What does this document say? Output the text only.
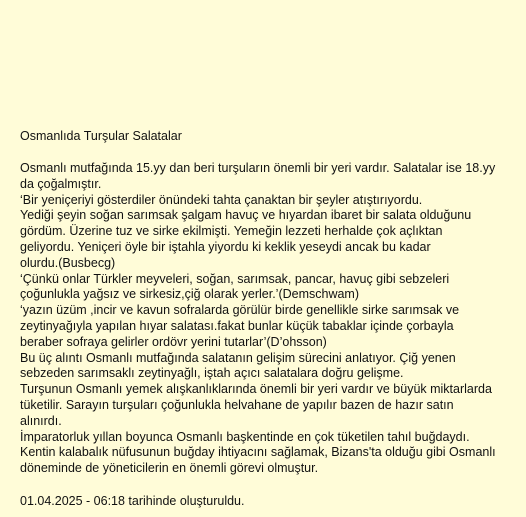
Osmanlıda Turşular Salatalar
Osmanlı mutfağında 15.yy dan beri turşuların önemli bir yeri vardır. Salatalar ise 18.yy
da çoğalmıştır.
‘Bir yeniçeriyi gösterdiler önündeki tahta çanaktan bir şeyler atıştırıyordu.
Yediği şeyin soğan sarımsak şalgam havuç ve hıyardan ibaret bir salata olduğunu
gördüm. Üzerine tuz ve sirke ekilmişti. Yemeğin lezzeti herhalde çok açlıktan
geliyordu. Yeniçeri öyle bir iştahla yiyordu ki keklik yeseydi ancak bu kadar
olurdu.(Busbecg)
‘Çünkü onlar Türkler meyveleri, soğan, sarımsak, pancar, havuç gibi sebzeleri
çoğunlukla yağsız ve sirkesiz,çiğ olarak yerler.’(Demschwam)
‘yazın üzüm ,incir ve kavun sofralarda görülür birde genellikle sirke sarımsak ve
zeytinyağıyla yapılan hıyar salatası.fakat bunlar küçük tabaklar içinde çorbayla
beraber sofraya gelirler ordövr yerini tutarlar’(D’ohsson)
Bu üç alıntı Osmanlı mutfağında salatanın gelişim sürecini anlatıyor. Çiğ yenen
sebzeden sarımsaklı zeytinyağlı, iştah açıcı salatalara doğru gelişme.
Turşunun Osmanlı yemek alışkanlıklarında önemli bir yeri vardır ve büyük miktarlarda
tüketilir. Sarayın turşuları çoğunlukla helvahane de yapılır bazen de hazır satın
alınırdı.
İmparatorluk yıllan boyunca Osmanlı başkentinde en çok tüketilen tahıl buğdaydı.
Kentin kalabalık nüfusunun buğday ihtiyacını sağlamak, Bizans'ta olduğu gibi Osmanlı
döneminde de yöneticilerin en önemli görevi olmuştur.
01.04.2025 - 06:18 tarihinde oluşturuldu.
